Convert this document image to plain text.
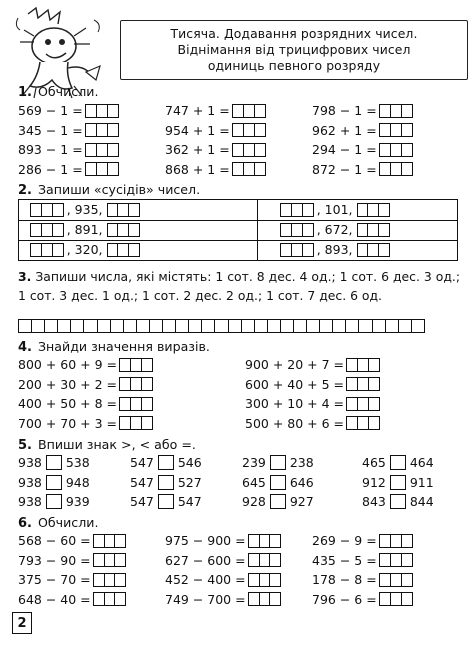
Тисяча. Додавання розрядних чисел.
Віднімання від трицифрових чисел
одиниць певного розряду
1. Обчисли.
569 − 1 =
345 − 1 =
893 − 1 =
286 − 1 =
747 + 1 =
954 + 1 =
362 + 1 =
868 + 1 =
798 − 1 =
962 + 1 =
294 − 1 =
872 − 1 =
2. Запиши «сусідів» чисел.
, 935,
, 891,
, 320,
, 101,
, 672,
, 893,
3. Запиши числа, які містять: 1 сот. 8 дес. 4 од.; 1 сот. 6 дес. 3 од.; 1 сот. 3 дес. 1 од.; 1 сот. 2 дес. 2 од.; 1 сот. 7 дес. 6 од.
4. Знайди значення виразів.
800 + 60 + 9 =
200 + 30 + 2 =
400 + 50 + 8 =
700 + 70 + 3 =
900 + 20 + 7 =
600 + 40 + 5 =
300 + 10 + 4 =
500 + 80 + 6 =
5. Впиши знак >, < або =.
938 538
938 948
938 939
547 546
547 527
547 547
239 238
645 646
928 927
465 464
912 911
843 844
6. Обчисли.
568 − 60 =
793 − 90 =
375 − 70 =
648 − 40 =
975 − 900 =
627 − 600 =
452 − 400 =
749 − 700 =
269 − 9 =
435 − 5 =
178 − 8 =
796 − 6 =
2
